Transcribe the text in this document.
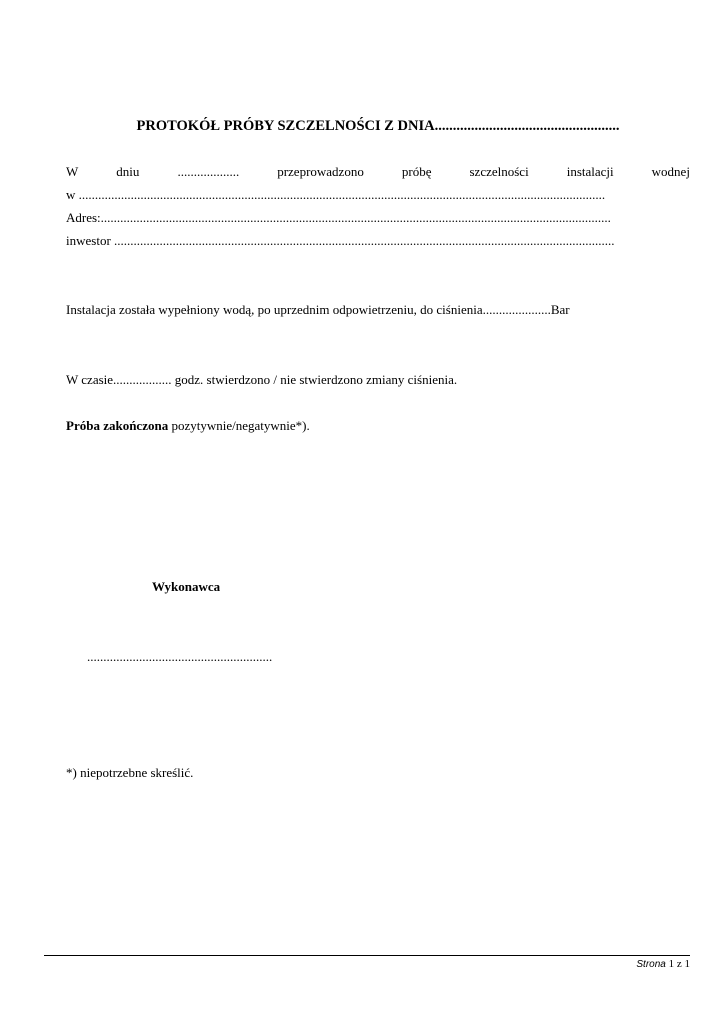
PROTOKÓŁ PRÓBY SZCZELNOŚCI Z DNIA...................................................
W	dniu	...................	przeprowadzono	próbę	szczelności	instalacji	wodnej
w ..................................................................................................................................................................
Adres:.............................................................................................................................................................
inwestor ..........................................................................................................................................................
Instalacja została wypełniony wodą, po uprzednim odpowietrzeniu, do ciśnienia.....................Bar
W czasie.................. godz. stwierdzono / nie stwierdzono zmiany ciśnienia.
Próba zakończona pozytywnie/negatywnie*).
Wykonawca
.........................................................
*) niepotrzebne skreślić.
Strona 1 z 1
